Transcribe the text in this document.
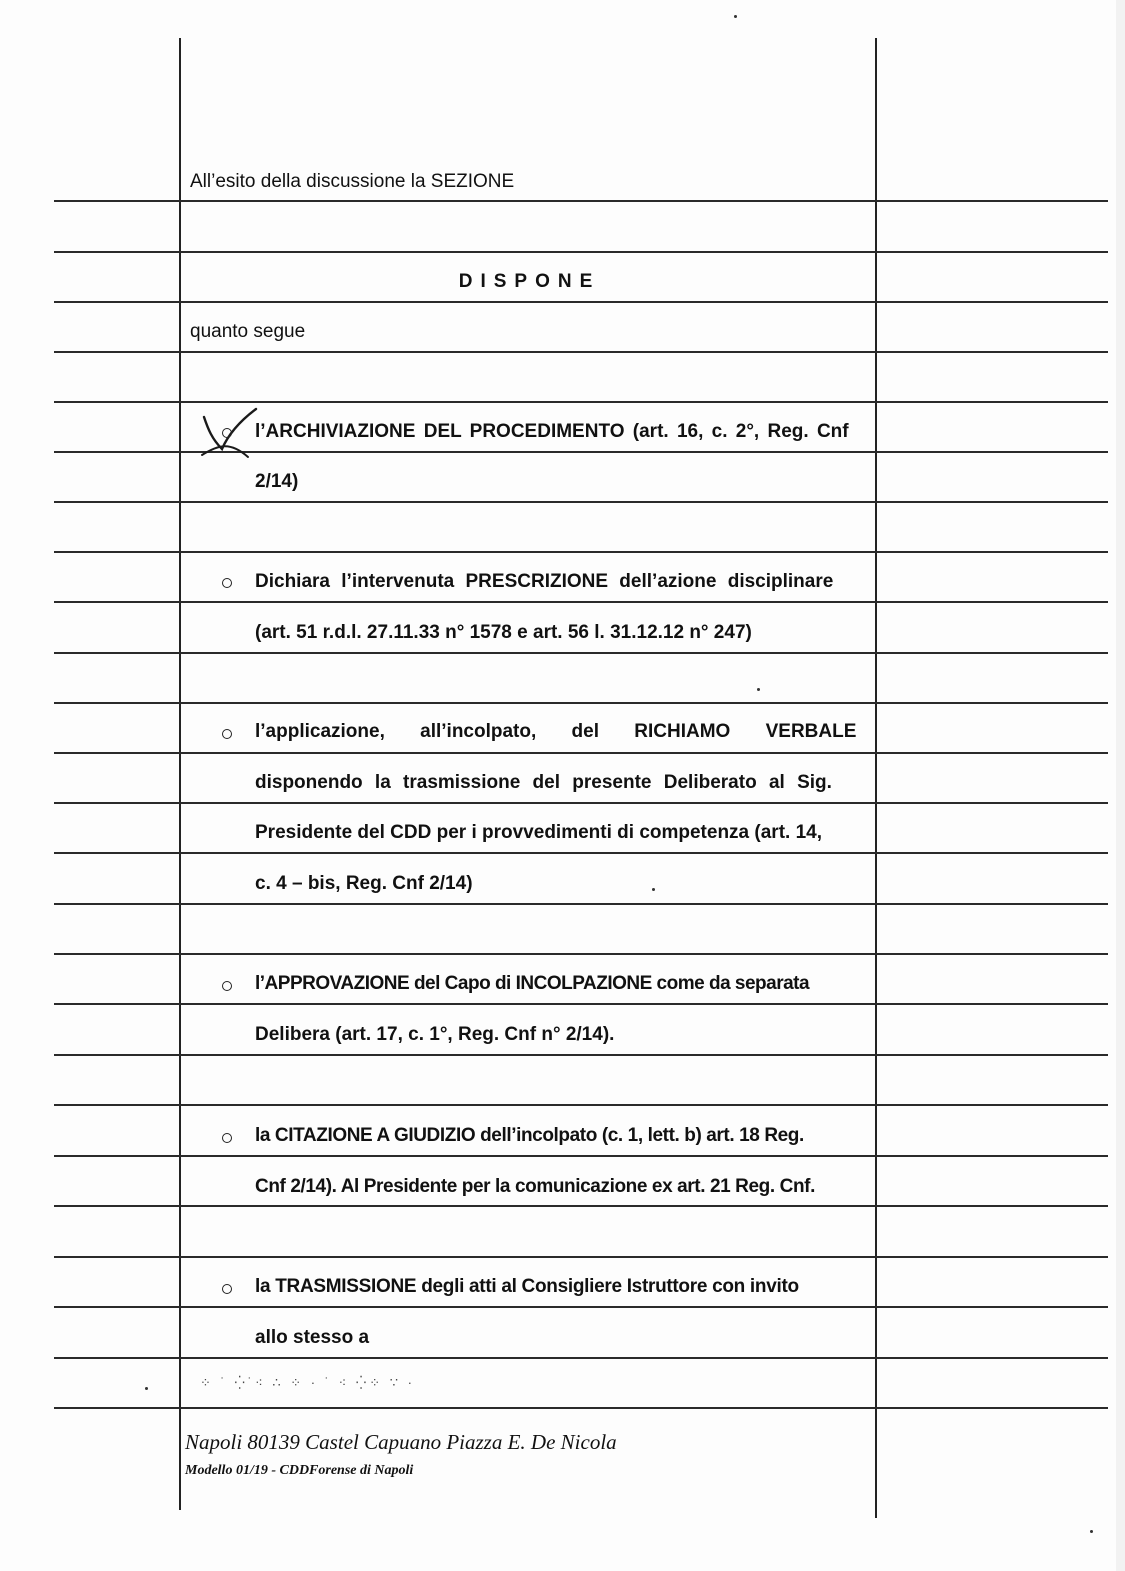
All’esito della discussione la SEZIONE
DISPONE
quanto segue
l’ARCHIVIAZIONE DEL PROCEDIMENTO (art. 16, c. 2°, Reg. Cnf
2/14)
Dichiara l’intervenuta PRESCRIZIONE dell’azione disciplinare
(art. 51 r.d.l. 27.11.33 n° 1578 e art. 56 l. 31.12.12 n° 247)
l’applicazione, all’incolpato, del RICHIAMO VERBALE
disponendo la trasmissione del presente Deliberato al Sig.
Presidente del CDD per i provvedimenti di competenza (art. 14,
c. 4 – bis, Reg. Cnf 2/14)
l’APPROVAZIONE del Capo di INCOLPAZIONE come da separata
Delibera (art. 17, c. 1°, Reg. Cnf n° 2/14).
la CITAZIONE A GIUDIZIO dell’incolpato (c. 1, lett. b) art. 18 Reg.
Cnf 2/14). Al Presidente per la comunicazione ex art. 21 Reg. Cnf.
la TRASMISSIONE degli atti al Consigliere Istruttore con invito
allo stesso a
⁘ ˙ ⁛˙⁖ ∴ ⁘ · ˙ ⁖ ⁛⁘ ∵ ·
Napoli 80139 Castel Capuano Piazza E. De Nicola
Modello 01/19 - CDDForense di Napoli
